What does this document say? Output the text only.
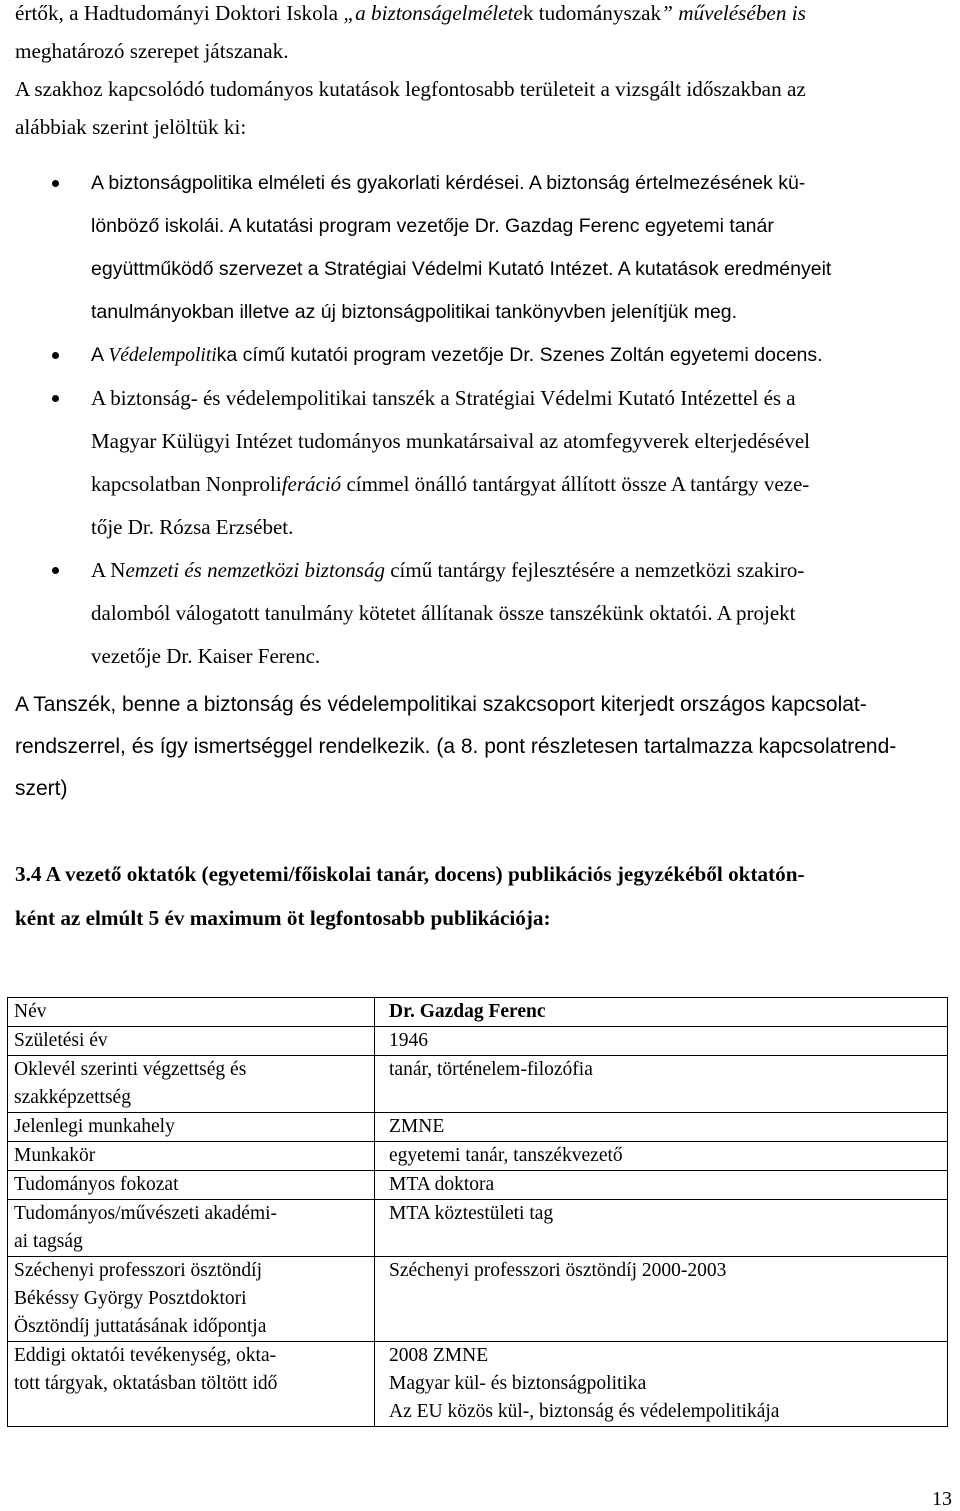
értők, a Hadtudományi Doktori Iskola „a biztonságelméletek tudományszak” művelésében is
meghatározó szerepet játszanak.
A szakhoz kapcsolódó tudományos kutatások legfontosabb területeit a vizsgált időszakban az
alábbiak szerint jelöltük ki:

A biztonságpolitika elméleti és gyakorlati kérdései. A biztonság értelmezésének kü-
lönböző iskolái. A kutatási program vezetője Dr. Gazdag Ferenc egyetemi tanár
együttműködő szervezet a Stratégiai Védelmi Kutató Intézet. A kutatások eredményeit
tanulmányokban illetve az új biztonságpolitikai tankönyvben jelenítjük meg.
A Védelempolitika című kutatói program vezetője Dr. Szenes Zoltán egyetemi docens.
A biztonság- és védelempolitikai tanszék a Stratégiai Védelmi Kutató Intézettel és a
Magyar Külügyi Intézet tudományos munkatársaival az atomfegyverek elterjedésével
kapcsolatban Nonproliferáció címmel önálló tantárgyat állított össze A tantárgy veze-
tője Dr. Rózsa Erzsébet.
A Nemzeti és nemzetközi biztonság című tantárgy fejlesztésére a nemzetközi szakiro-
dalomból válogatott tanulmány kötetet állítanak össze tanszékünk oktatói. A projekt
vezetője Dr. Kaiser Ferenc.

A Tanszék, benne a biztonság és védelempolitikai szakcsoport kiterjedt országos kapcsolat-
rendszerrel, és így ismertséggel rendelkezik. (a 8. pont részletesen tartalmazza kapcsolatrend-
szert)

3.4 A vezető oktatók (egyetemi/főiskolai tanár, docens) publikációs jegyzékéből oktatón-
ként az elmúlt 5 év maximum öt legfontosabb publikációja:

Név	Dr. Gazdag Ferenc
Születési év	1946

Oklevél szerinti végzettség és
szakképzettség	tanár, történelem-filozófia
Jelenlegi munkahely	ZMNE
Munkakör	egyetemi tanár, tanszékvezető
Tudományos fokozat	MTA doktora

Tudományos/művészeti akadémi-
ai tagság	MTA köztestületi tag

Széchenyi professzori ösztöndíj
Békéssy György Posztdoktori
Ösztöndíj juttatásának időpontja	Széchenyi professzori ösztöndíj 2000-2003

Eddigi oktatói tevékenység, okta-
tott tárgyak, oktatásban töltött idő	2008 ZMNE
Magyar kül- és biztonságpolitika
Az EU közös kül-, biztonság és védelempolitikája
13
